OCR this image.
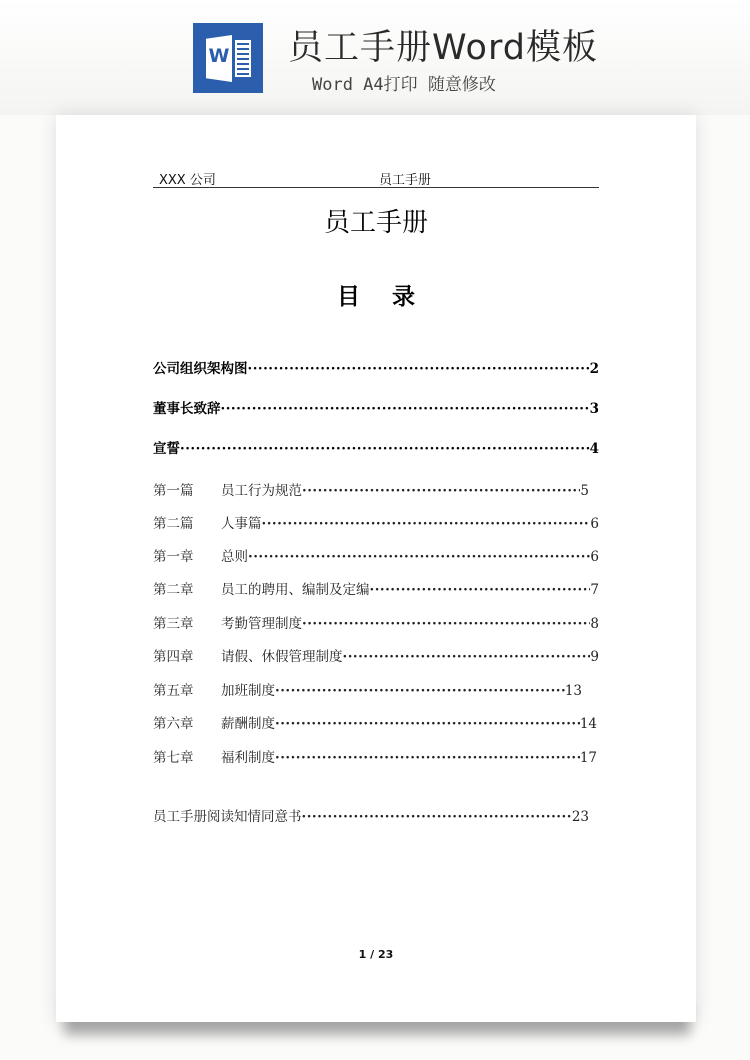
W 员工手册Word模板
Word A4打印 随意修改
XXX 公司	员工手册
员工手册
目 录
公司组织架构图 ·····	2
董事长致辞 ·····	3
宣誓 ·····	4
第一篇	员工行为规范 ·····	5
第二篇	人事篇 ·····	6
第一章	总则 ·····	6
第二章	员工的聘用、编制及定编 ·····	7
第三章	考勤管理制度 ·····	8
第四章	请假、休假管理制度 ·····	9
第五章	加班制度 ·····	13
第六章	薪酬制度 ·····	14
第七章	福利制度 ·····	17
员工手册阅读知情同意书 ·····	23
1 / 23
